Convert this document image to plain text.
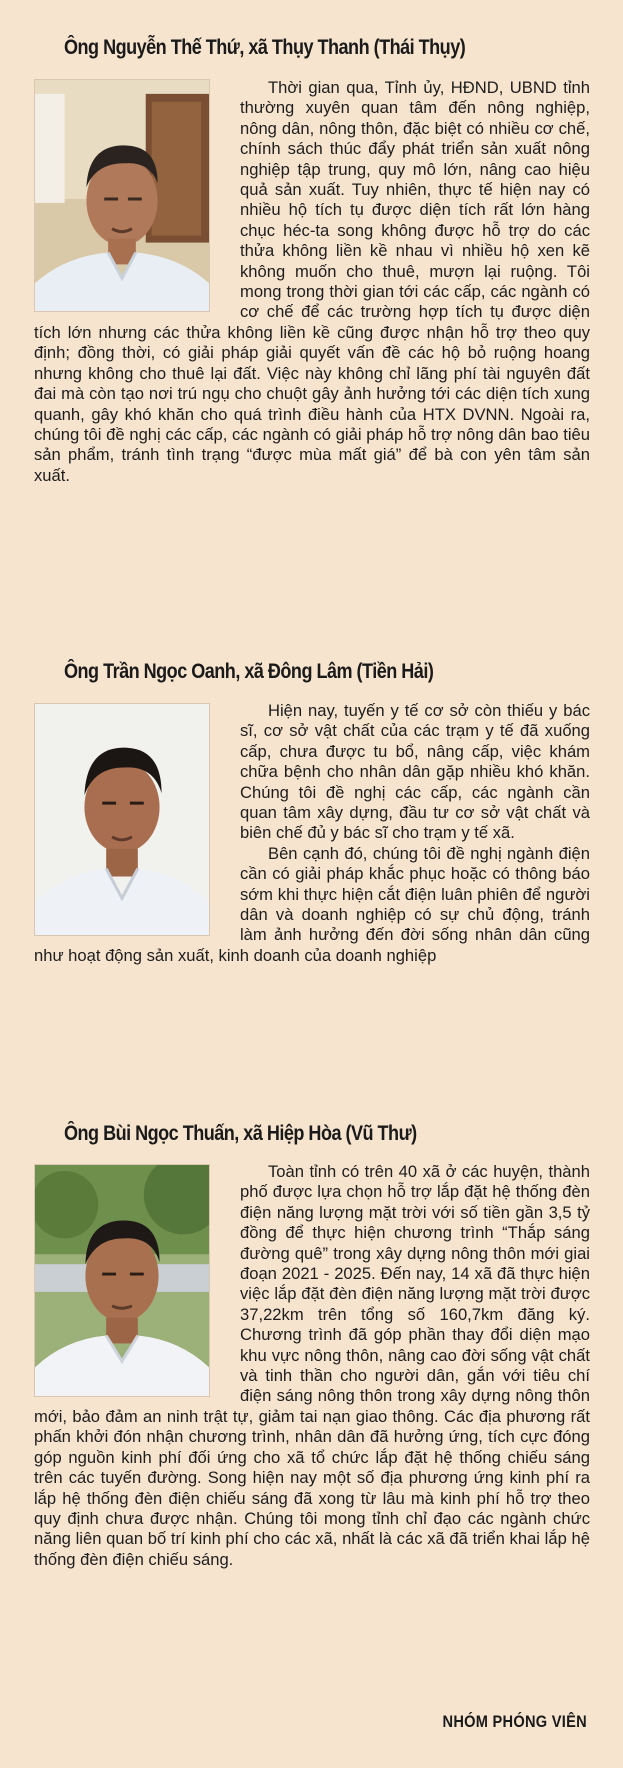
Ông Nguyễn Thế Thứ, xã Thụy Thanh (Thái Thụy)

Thời gian qua, Tỉnh ủy, HĐND, UBND tỉnh thường xuyên quan tâm đến nông nghiệp, nông dân, nông thôn, đặc biệt có nhiều cơ chế, chính sách thúc đẩy phát triển sản xuất nông nghiệp tập trung, quy mô lớn, nâng cao hiệu quả sản xuất. Tuy nhiên, thực tế hiện nay có nhiều hộ tích tụ được diện tích rất lớn hàng chục héc-ta song không được hỗ trợ do các thửa không liền kề nhau vì nhiều hộ xen kẽ không muốn cho thuê, mượn lại ruộng. Tôi mong trong thời gian tới các cấp, các ngành có cơ chế để các trường hợp tích tụ được diện tích lớn nhưng các thửa không liền kề cũng được nhận hỗ trợ theo quy định; đồng thời, có giải pháp giải quyết vấn đề các hộ bỏ ruộng hoang nhưng không cho thuê lại đất. Việc này không chỉ lãng phí tài nguyên đất đai mà còn tạo nơi trú ngụ cho chuột gây ảnh hưởng tới các diện tích xung quanh, gây khó khăn cho quá trình điều hành của HTX DVNN. Ngoài ra, chúng tôi đề nghị các cấp, các ngành có giải pháp hỗ trợ nông dân bao tiêu sản phẩm, tránh tình trạng “được mùa mất giá” để bà con yên tâm sản xuất.

Ông Trần Ngọc Oanh, xã Đông Lâm (Tiền Hải)

Hiện nay, tuyến y tế cơ sở còn thiếu y bác sĩ, cơ sở vật chất của các trạm y tế đã xuống cấp, chưa được tu bổ, nâng cấp, việc khám chữa bệnh cho nhân dân gặp nhiều khó khăn. Chúng tôi đề nghị các cấp, các ngành cần quan tâm xây dựng, đầu tư cơ sở vật chất và biên chế đủ y bác sĩ cho trạm y tế xã.

Bên cạnh đó, chúng tôi đề nghị ngành điện cần có giải pháp khắc phục hoặc có thông báo sớm khi thực hiện cắt điện luân phiên để người dân và doanh nghiệp có sự chủ động, tránh làm ảnh hưởng đến đời sống nhân dân cũng như hoạt động sản xuất, kinh doanh của doanh nghiệp

Ông Bùi Ngọc Thuấn, xã Hiệp Hòa (Vũ Thư)

Toàn tỉnh có trên 40 xã ở các huyện, thành phố được lựa chọn hỗ trợ lắp đặt hệ thống đèn điện năng lượng mặt trời với số tiền gần 3,5 tỷ đồng để thực hiện chương trình “Thắp sáng đường quê” trong xây dựng nông thôn mới giai đoạn 2021 - 2025. Đến nay, 14 xã đã thực hiện việc lắp đặt đèn điện năng lượng mặt trời được 37,22km trên tổng số 160,7km đăng ký. Chương trình đã góp phần thay đổi diện mạo khu vực nông thôn, nâng cao đời sống vật chất và tinh thần cho người dân, gắn với tiêu chí điện sáng nông thôn trong xây dựng nông thôn mới, bảo đảm an ninh trật tự, giảm tai nạn giao thông. Các địa phương rất phấn khởi đón nhận chương trình, nhân dân đã hưởng ứng, tích cực đóng góp nguồn kinh phí đối ứng cho xã tổ chức lắp đặt hệ thống chiếu sáng trên các tuyến đường. Song hiện nay một số địa phương ứng kinh phí ra lắp hệ thống đèn điện chiếu sáng đã xong từ lâu mà kinh phí hỗ trợ theo quy định chưa được nhận. Chúng tôi mong tỉnh chỉ đạo các ngành chức năng liên quan bố trí kinh phí cho các xã, nhất là các xã đã triển khai lắp hệ thống đèn điện chiếu sáng.

NHÓM PHÓNG VIÊN
